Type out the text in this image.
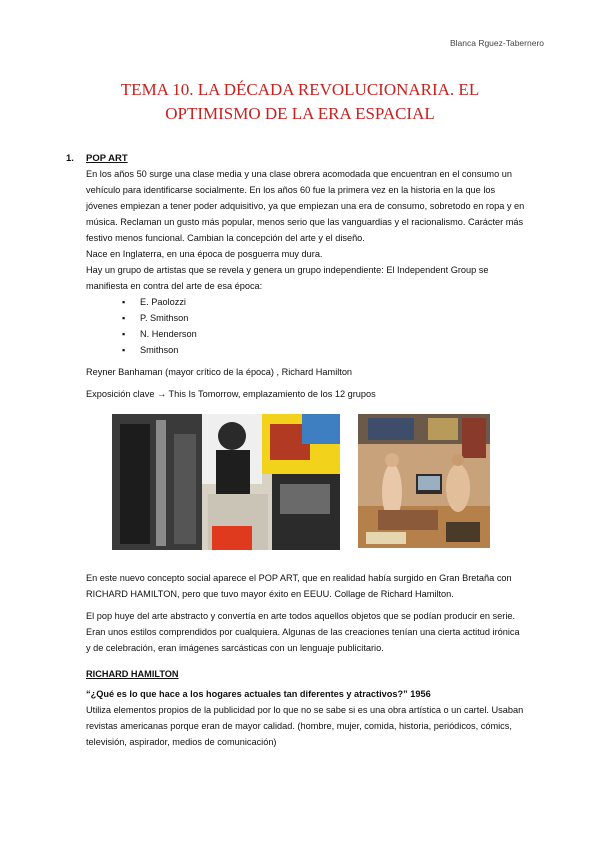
Blanca Rguez-Tabernero
TEMA 10. LA DÉCADA REVOLUCIONARIA. EL
OPTIMISMO DE LA ERA ESPACIAL
1. POP ART

En los años 50 surge una clase media y una clase obrera acomodada que encuentran en el consumo un vehículo para identificarse socialmente. En los años 60 fue la primera vez en la historia en la que los jóvenes empiezan a tener poder adquisitivo, ya que empiezan una era de consumo, sobretodo en ropa y en música. Reclaman un gusto más popular, menos serio que las vanguardias y el racionalismo. Carácter más festivo menos funcional. Cambian la concepción del arte y el diseño.

Nace en Inglaterra, en una época de posguerra muy dura.

Hay un grupo de artistas que se revela y genera un grupo independiente: El Independent Group se manifiesta en contra del arte de esa época:

▪ E. Paolozzi
▪ P. Smithson
▪ N. Henderson
▪ Smithson

Reyner Banhaman (mayor crítico de la época) , Richard Hamilton

Exposición clave → This Is Tomorrow, emplazamiento de los 12 grupos

En este nuevo concepto social aparece el POP ART, que en realidad había surgido en Gran Bretaña con RICHARD HAMILTON, pero que tuvo mayor éxito en EEUU. Collage de Richard Hamilton.

El pop huye del arte abstracto y convertía en arte todos aquellos objetos que se podían producir en serie. Eran unos estilos comprendidos por cualquiera. Algunas de las creaciones tenían una cierta actitud irónica y de celebración, eran imágenes sarcásticas con un lenguaje publicitario.

RICHARD HAMILTON

“¿Qué es lo que hace a los hogares actuales tan diferentes y atractivos?” 1956

Utiliza elementos propios de la publicidad por lo que no se sabe si es una obra artística o un cartel. Usaban revistas americanas porque eran de mayor calidad. (hombre, mujer, comida, historia, periódicos, cómics, televisión, aspirador, medios de comunicación)
